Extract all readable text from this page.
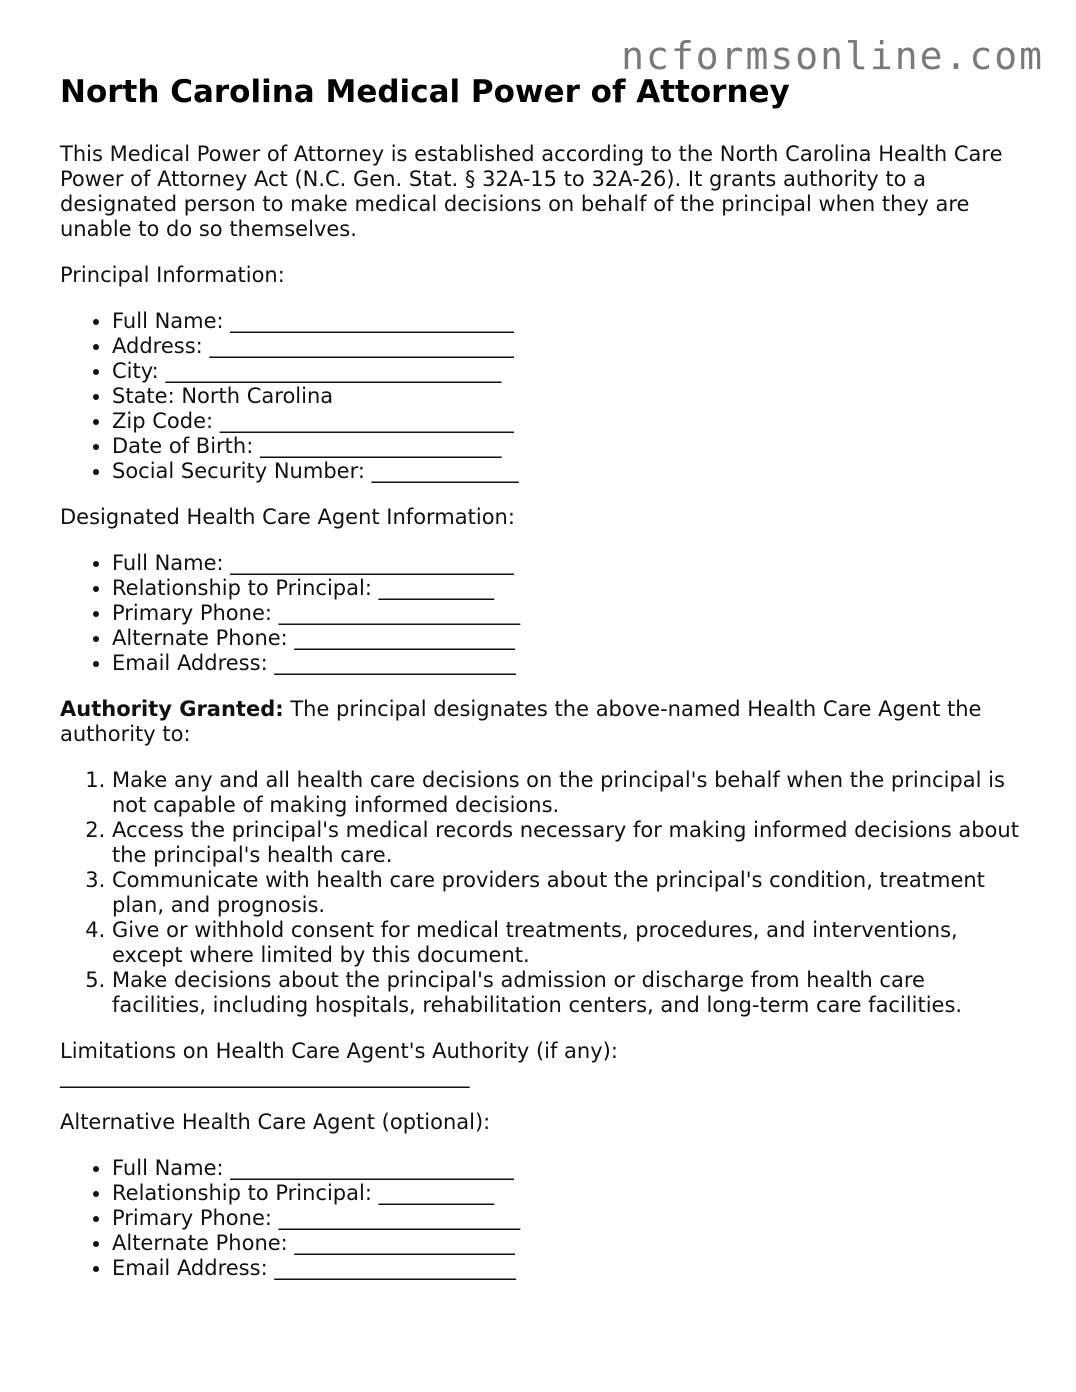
ncformsonline.com
North Carolina Medical Power of Attorney

This Medical Power of Attorney is established according to the North Carolina Health Care Power of Attorney Act (N.C. Gen. Stat. § 32A-15 to 32A-26). It grants authority to a designated person to make medical decisions on behalf of the principal when they are unable to do so themselves.

Principal Information:

• Full Name: ___________________________
• Address: _____________________________
• City: ________________________________
• State: North Carolina
• Zip Code: ____________________________
• Date of Birth: _______________________
• Social Security Number: ______________

Designated Health Care Agent Information:

• Full Name: ___________________________
• Relationship to Principal: ___________
• Primary Phone: _______________________
• Alternate Phone: _____________________
• Email Address: _______________________

Authority Granted: The principal designates the above-named Health Care Agent the authority to:

1. Make any and all health care decisions on the principal's behalf when the principal is not capable of making informed decisions.
2. Access the principal's medical records necessary for making informed decisions about the principal's health care.
3. Communicate with health care providers about the principal's condition, treatment plan, and prognosis.
4. Give or withhold consent for medical treatments, procedures, and interventions, except where limited by this document.
5. Make decisions about the principal's admission or discharge from health care facilities, including hospitals, rehabilitation centers, and long-term care facilities.

Limitations on Health Care Agent's Authority (if any):
_______________________________________

Alternative Health Care Agent (optional):

• Full Name: ___________________________
• Relationship to Principal: ___________
• Primary Phone: _______________________
• Alternate Phone: _____________________
• Email Address: _______________________
